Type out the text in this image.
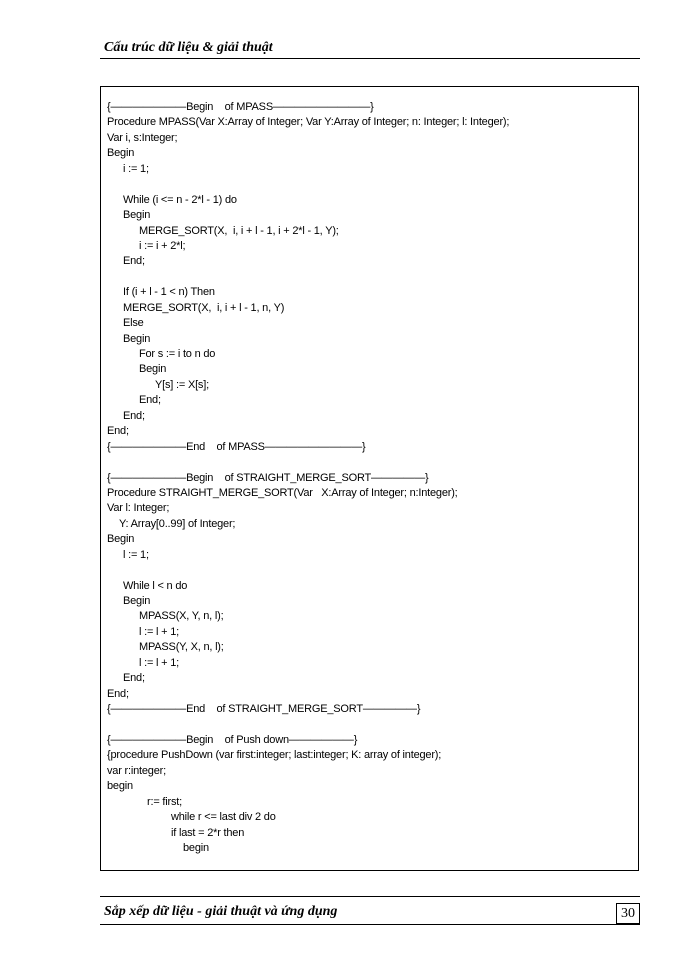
Cấu trúc dữ liệu & giải thuật
{———————Begin    of MPASS—————————}
Procedure MPASS(Var X:Array of Integer; Var Y:Array of Integer; n: Integer; l: Integer);
Var i, s:Integer;
Begin
i := 1;
While (i <= n - 2*l - 1) do
Begin
MERGE_SORT(X,  i, i + l - 1, i + 2*l - 1, Y);
i := i + 2*l;
End;
If (i + l - 1 < n) Then
MERGE_SORT(X,  i, i + l - 1, n, Y)
Else
Begin
For s := i to n do
Begin
Y[s] := X[s];
End;
End;
End;
{———————End    of MPASS—————————}
{———————Begin    of STRAIGHT_MERGE_SORT—————}
Procedure STRAIGHT_MERGE_SORT(Var   X:Array of Integer; n:Integer);
Var l: Integer;
Y: Array[0..99] of Integer;
Begin
l := 1;
While l < n do
Begin
MPASS(X, Y, n, l);
l := l + 1;
MPASS(Y, X, n, l);
l := l + 1;
End;
End;
{———————End    of STRAIGHT_MERGE_SORT—————}
{———————Begin    of Push down——————}
{procedure PushDown (var first:integer; last:integer; K: array of integer);
var r:integer;
begin
r:= first;
while r <= last div 2 do
if last = 2*r then
begin
Sắp xếp dữ liệu - giải thuật và ứng dụng	30
